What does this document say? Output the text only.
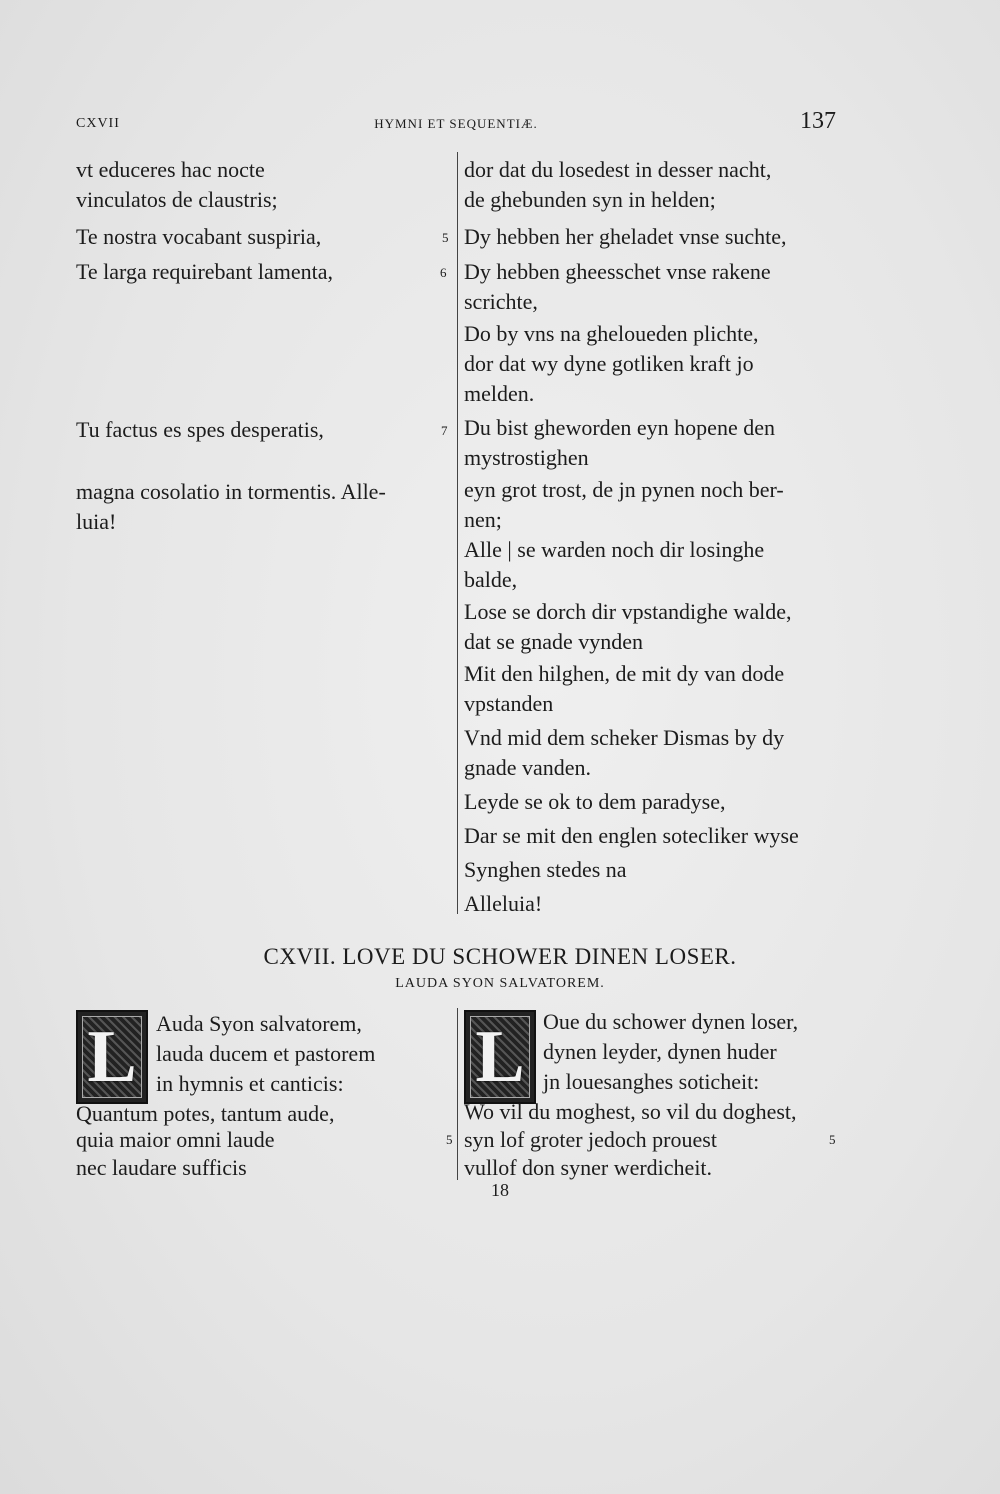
CXVII	HYMNI ET SEQUENTIÆ.	137
vt educeres hac nocte
vinculatos de claustris;
Te nostra vocabant suspiria,
Te larga requirebant lamenta,
Tu factus es spes desperatis,
magna cosolatio in tormentis. Alle-
luia!
5
6
7
dor dat du losedest in desser nacht,
de ghebunden syn in helden;
Dy hebben her gheladet vnse suchte,
Dy hebben gheesschet vnse rakene
scrichte,
Do by vns na gheloueden plichte,
dor dat wy dyne gotliken kraft jo
melden.
Du bist gheworden eyn hopene den
mystrostighen
eyn grot trost, de jn pynen noch ber-
nen;
Alle | se warden noch dir losinghe
balde,
Lose se dorch dir vpstandighe walde,
dat se gnade vynden
Mit den hilghen, de mit dy van dode
vpstanden
Vnd mid dem scheker Dismas by dy
gnade vanden.
Leyde se ok to dem paradyse,
Dar se mit den englen sotecliker wyse
Synghen stedes na
Alleluia!
CXVII. LOVE DU SCHOWER DINEN LOSER.
LAUDA SYON SALVATOREM.
L Auda Syon salvatorem,
lauda ducem et pastorem
in hymnis et canticis:
Quantum potes, tantum aude,
quia maior omni laude
nec laudare sufficis
5
L Oue du schower dynen loser,
dynen leyder, dynen huder
jn louesanghes soticheit:
Wo vil du moghest, so vil du doghest,
syn lof groter jedoch prouest
vullof don syner werdicheit.
5
18
